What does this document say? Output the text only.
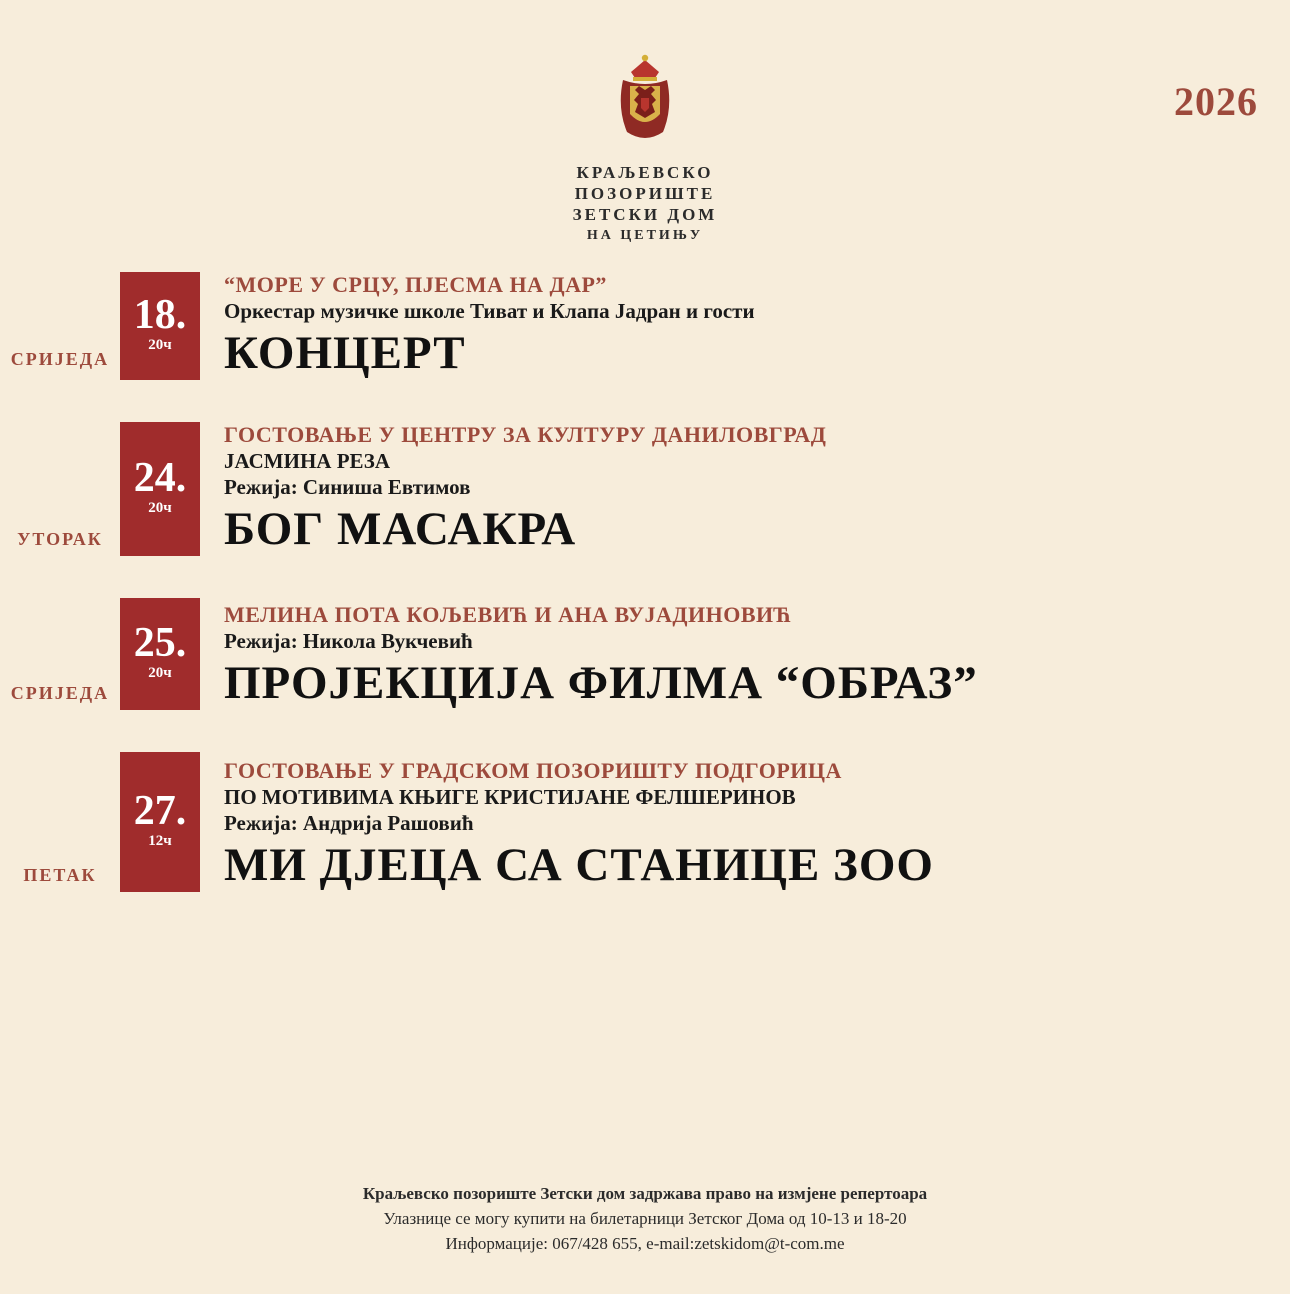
2026
КРАЉЕВСКО
ПОЗОРИШТЕ
ЗЕТСКИ ДОМ
НА ЦЕТИЊУ
СРИЈЕДА
18.
20ч
“МОРЕ У СРЦУ, ПЈЕСМА НА ДАР”
Оркестар музичке школе Тиват и Клапа Јадран и гости
КОНЦЕРТ
УТОРАК
24.
20ч
ГОСТОВАЊЕ У ЦЕНТРУ ЗА КУЛТУРУ ДАНИЛОВГРАД
ЈАСМИНА РЕЗА
Режија: Синиша Евтимов
БОГ МАСАКРА
СРИЈЕДА
25.
20ч
МЕЛИНА ПОТА КОЉЕВИЋ И АНА ВУЈАДИНОВИЋ
Режија: Никола Вукчевић
ПРОЈЕКЦИЈА ФИЛМА “ОБРАЗ”
ПЕТАК
27.
12ч
ГОСТОВАЊЕ У ГРАДСКОМ ПОЗОРИШТУ ПОДГОРИЦА
ПО МОТИВИМА КЊИГЕ КРИСТИЈАНЕ ФЕЛШЕРИНОВ
Режија: Андрија Рашовић
МИ ДЈЕЦА СА СТАНИЦЕ ЗОО
Краљевско позориште Зетски дом задржава право на измјене репертоара
Улазнице се могу купити на билетарници Зетског Дома од 10-13 и 18-20
Информације: 067/428 655, e-mail:zetskidom@t-com.me
